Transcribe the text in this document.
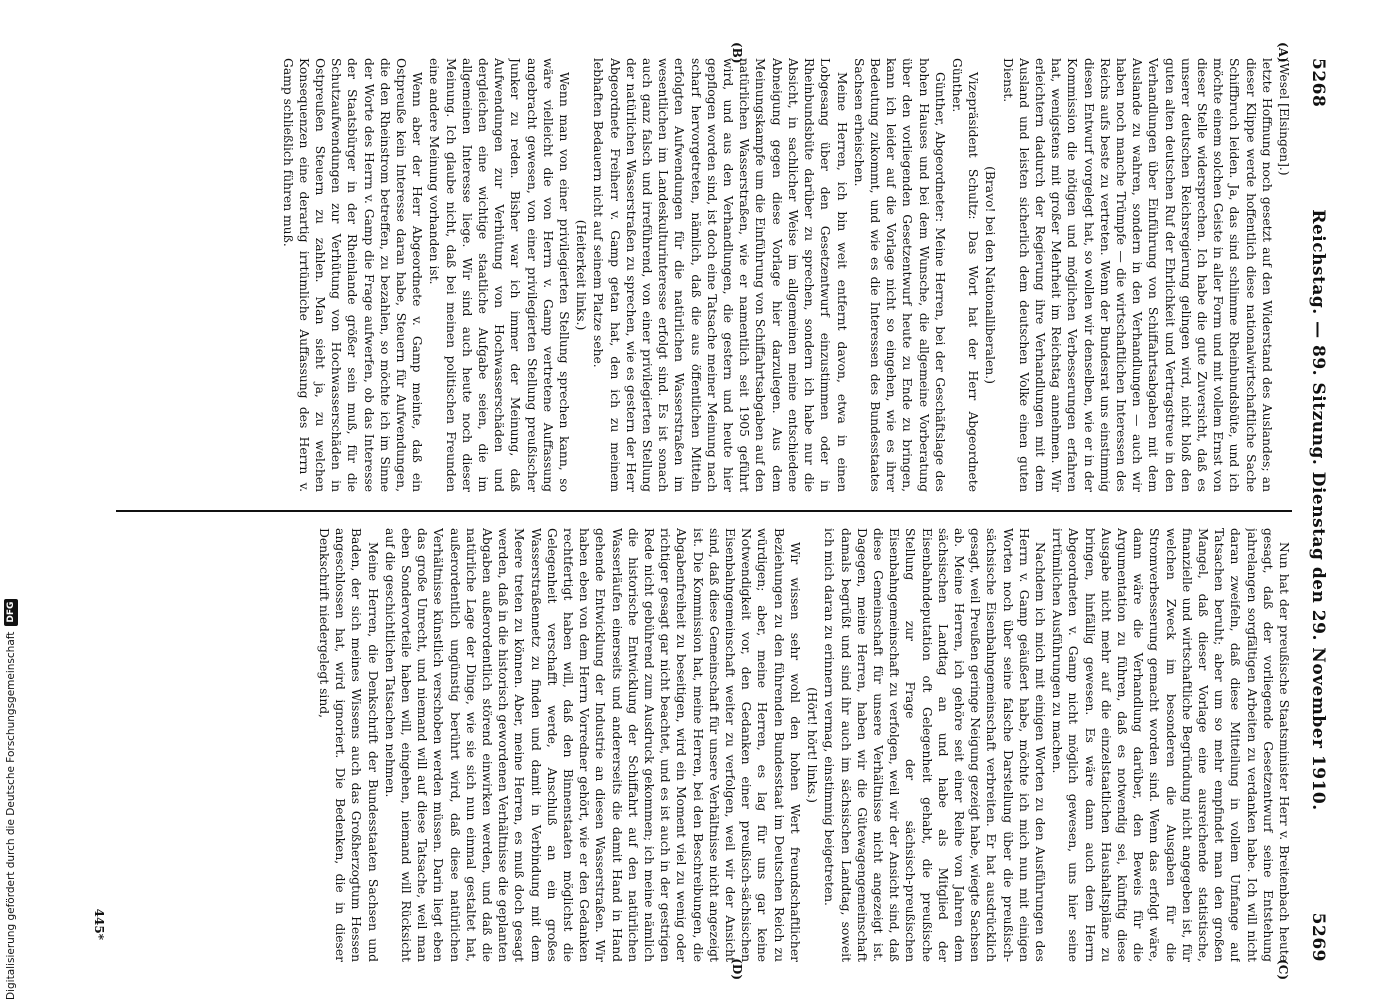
5268
Reichstag. — 89. Sitzung. Dienstag den 29. November 1910.
5269

(Wesel [Elsingen].)

letzte Hoffnung noch gesetzt auf den Widerstand des Auslandes; an dieser Klippe werde hoffentlich diese nationalwirtschaftliche Sache Schiffbruch leiden. Ja, das sind schlimme Rheinbundsbüte, und ich möchte einem solchen Geiste in aller Form und mit vollem Ernst von dieser Stelle widersprechen. Ich habe die gute Zuversicht, daß es unserer deutschen Reichsregierung gelingen wird, nicht bloß den guten alten deutschen Ruf der Ehrlichkeit und Vertragstreue in den Verhandlungen über Einführung von Schiffahrtsabgaben mit dem Auslande zu wahren, sondern in den Verhandlungen — auch wir haben noch manche Trümpfe — die wirtschaftlichen Interessen des Reichs aufs beste zu vertreten. Wenn der Bundesrat uns einstimmig diesen Entwurf vorgelegt hat, so wollen wir denselben, wie er in der Kommission die nötigen und möglichen Verbesserungen erfahren hat, wenigstens mit großer Mehrheit im Reichstag annehmen. Wir erleichtern dadurch der Regierung ihre Verhandlungen mit dem Ausland und leisten sicherlich dem deutschen Volke einen guten Dienst.

(Bravo! bei den Nationalliberalen.)

Vizepräsident Schultz: Das Wort hat der Herr Abgeordnete Günther.

Günther, Abgeordneter: Meine Herren, bei der Geschäftslage des hohen Hauses und bei dem Wunsche, die allgemeine Vorberatung über den vorliegenden Gesetzentwurf heute zu Ende zu bringen, kann ich leider auf die Vorlage nicht so eingehen, wie es ihrer Bedeutung zukommt, und wie es die Interessen des Bundesstaates Sachsen erheischen.

Meine Herren, ich bin weit entfernt davon, etwa in einen Lobgesang über den Gesetzentwurf einzustimmen oder in Rheinbundsbüte darüber zu sprechen, sondern ich habe nur die Absicht, in sachlicher Weise im allgemeinen meine entschiedene Abneigung gegen diese Vorlage hier darzulegen. Aus dem Meinungskampfe um die Einführung von Schiffahrtsabgaben auf den natürlichen Wasserstraßen, wie er namentlich seit 1905 geführt wird, und aus den Verhandlungen, die gestern und heute hier gepflogen worden sind, ist doch eine Tatsache meiner Meinung nach scharf hervorgetreten, nämlich, daß die aus öffentlichen Mitteln erfolgten Aufwendungen für die natürlichen Wasserstraßen im wesentlichen im Landeskulturinteresse erfolgt sind. Es ist sonach auch ganz falsch und irreführend, von einer privilegierten Stellung der natürlichen Wasserstraßen zu sprechen, wie es gestern der Herr Abgeordnete Freiherr v. Gamp getan hat, den ich zu meinem lebhaften Bedauern nicht auf seinem Platze sehe.

(Heiterkeit links.)

Wenn man von einer privilegierten Stellung sprechen kann, so wäre vielleicht die von Herrn v. Gamp vertretene Auffassung angebracht gewesen, von einer privilegierten Stellung preußischer Junker zu reden. Bisher war ich immer der Meinung, daß Aufwendungen zur Verhütung von Hochwasserschäden und dergleichen eine wichtige staatliche Aufgabe seien, die im allgemeinen Interesse liege. Wir sind auch heute noch dieser Meinung. Ich glaube nicht, daß bei meinen politischen Freunden eine andere Meinung vorhanden ist.

Wenn aber der Herr Abgeordnete v. Gamp meinte, daß ein Ostpreuße kein Interesse daran habe, Steuern für Aufwendungen, die den Rheinstrom betreffen, zu bezahlen, so möchte ich im Sinne der Worte des Herrn v. Gamp die Frage aufwerfen, ob das Interesse der Staatsbürger in der Rheinlande größer sein muß, für die Schutzaufwendungen zur Verhütung von Hochwasserschäden in Ostpreußen Steuern zu zahlen. Man sieht ja, zu welchen Konsequenzen eine derartig irrtümliche Auffassung des Herrn v. Gamp schließlich führen muß.

Nun hat der preußische Staatsminister Herr v. Breitenbach heute gesagt, daß der vorliegende Gesetzentwurf seine Entstehung jahrelangen sorgfältigen Arbeiten zu verdanken habe. Ich will nicht daran zweifeln, daß diese Mitteilung in vollem Umfange auf Tatsachen beruht; aber um so mehr empfindet man den großen Mangel, daß dieser Vorlage eine ausreichende statistische, finanzielle und wirtschaftliche Begründung nicht angegeben ist, für welchen Zweck im besonderen die Ausgaben für die Stromverbesserung gemacht worden sind. Wenn das erfolgt wäre, dann wäre die Verhandlung darüber, den Beweis für die Argumentation zu führen, daß es notwendig sei, künftig diese Ausgabe nicht mehr auf die einzelstaatlichen Haushaltspläne zu bringen, hinfällig gewesen. Es wäre dann auch dem Herrn Abgeordneten v. Gamp nicht möglich gewesen, uns hier seine irrtümlichen Ausführungen zu machen.

Nachdem ich mich mit einigen Worten zu den Ausführungen des Herrn v. Gamp geäußert habe, möchte ich mich nun mit einigen Worten noch über seine falsche Darstellung über die preußisch-sächsische Eisenbahngemeinschaft verbreiten. Er hat ausdrücklich gesagt, weil Preußen geringe Neigung gezeigt habe, wiegte Sachsen ab. Meine Herren, ich gehöre seit einer Reihe von Jahren dem sächsischen Landtag an und habe als Mitglied der Eisenbahndeputation oft Gelegenheit gehabt, die preußische Stellung zur Frage der sächsisch-preußischen Eisenbahngemeinschaft zu verfolgen, weil wir der Ansicht sind, daß diese Gemeinschaft für unsere Verhältnisse nicht angezeigt ist. Dagegen, meine Herren, haben wir die Gütewagengemeinschaft damals begrüßt und sind ihr auch im sächsischen Landtag, soweit ich mich daran zu erinnern vermag, einstimmig beigetreten.

(Hört! hört! links.)

Wir wissen sehr wohl den hohen Wert freundschaftlicher Beziehungen zu den führenden Bundesstaat im Deutschen Reich zu würdigen; aber, meine Herren, es lag für uns gar keine Notwendigkeit vor, den Gedanken einer preußisch-sächsischen Eisenbahngemeinschaft weiter zu verfolgen, weil wir der Ansicht sind, daß diese Gemeinschaft für unsere Verhältnisse nicht angezeigt ist. Die Kommission hat, meine Herren, bei den Beschreibungen, die Abgabenfreiheit zu beseitigen, wird ein Moment viel zu wenig oder richtiger gesagt gar nicht beachtet, und es ist auch in der gestrigen Rede nicht gebührend zum Ausdruck gekommen; ich meine nämlich die historische Entwicklung der Schiffahrt auf den natürlichen Wasserläufen einerseits und andererseits die damit Hand in Hand gehende Entwicklung der Industrie an diesen Wasserstraßen. Wir haben eben von dem Herrn Vorredner gehört, wie er den Gedanken rechtfertigt haben will, daß den Binnenstaaten möglichst die Gelegenheit verschafft werde, Anschluß an ein großes Wasserstraßennetz zu finden und damit in Verbindung mit dem Meere treten zu können. Aber, meine Herren, es muß doch gesagt werden, daß in die historisch gewordenen Verhältnisse die geplanten Abgaben außerordentlich störend einwirken werden, und daß die natürliche Lage der Dinge, wie sie sich nun einmal gestaltet hat, außerordentlich ungünstig berührt wird, daß diese natürlichen Verhältnisse künstlich verschoben werden müssen. Darin liegt eben das große Unrecht, und niemand will auf diese Tatsache, weil man eben Sondervorteile haben will, eingehen, niemand will Rücksicht auf die geschichtlichen Tatsachen nehmen.

Meine Herren, die Denkschrift der Bundesstaaten Sachsen und Baden, der sich meines Wissens auch das Großherzogtum Hessen angeschlossen hat, wird ignoriert. Die Bedenken, die in dieser Denkschrift niedergelegt sind,

(A)
(B)
(C)
(D)
445*
Digitalisierung gefördert durch die Deutsche Forschungsgemeinschaft
DFG
